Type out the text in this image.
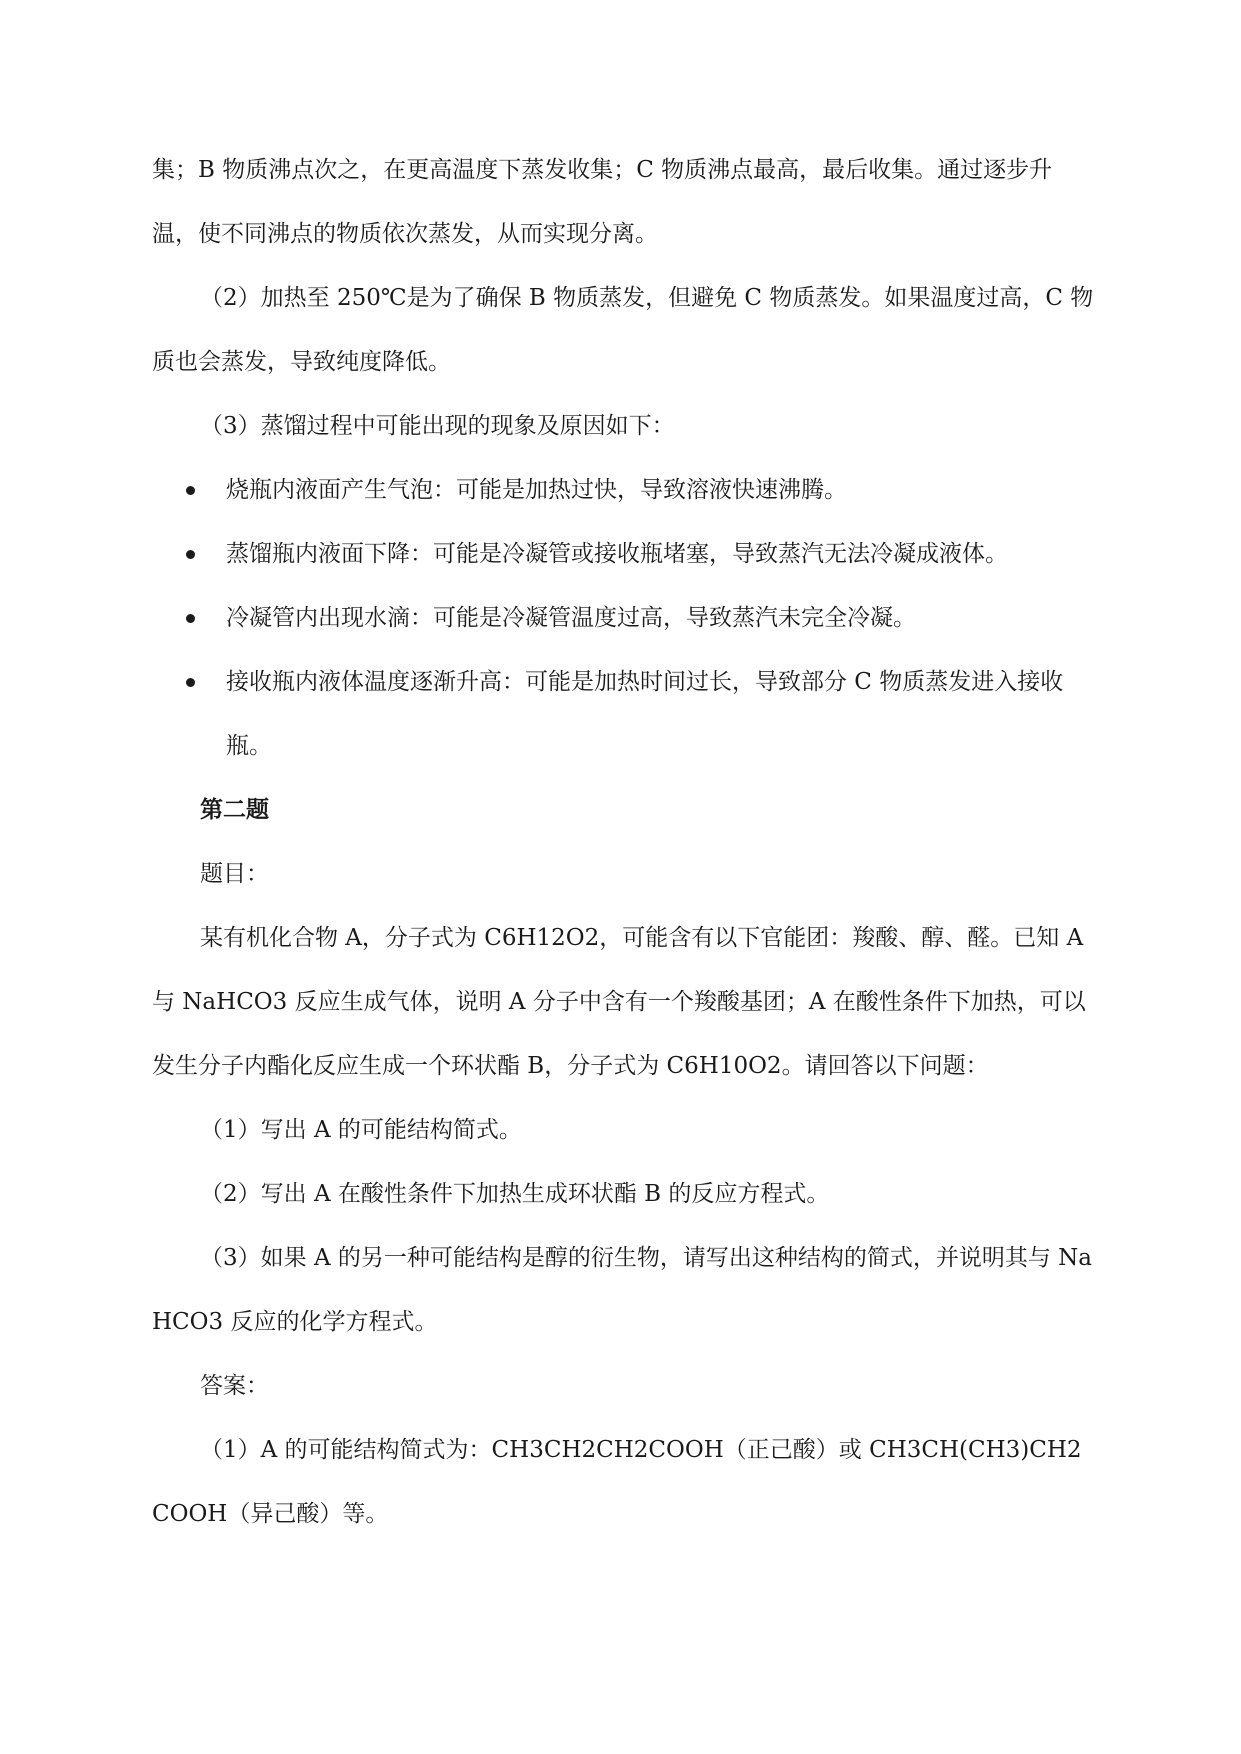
集；B 物质沸点次之，在更高温度下蒸发收集；C 物质沸点最高，最后收集。通过逐步升温，使不同沸点的物质依次蒸发，从而实现分离。

（2）加热至 250℃是为了确保 B 物质蒸发，但避免 C 物质蒸发。如果温度过高，C 物质也会蒸发，导致纯度降低。

（3）蒸馏过程中可能出现的现象及原因如下：

烧瓶内液面产生气泡：可能是加热过快，导致溶液快速沸腾。
蒸馏瓶内液面下降：可能是冷凝管或接收瓶堵塞，导致蒸汽无法冷凝成液体。
冷凝管内出现水滴：可能是冷凝管温度过高，导致蒸汽未完全冷凝。
接收瓶内液体温度逐渐升高：可能是加热时间过长，导致部分 C 物质蒸发进入接收瓶。

第二题

题目：

某有机化合物 A，分子式为 C6H12O2，可能含有以下官能团：羧酸、醇、醛。已知 A 与 NaHCO3 反应生成气体，说明 A 分子中含有一个羧酸基团；A 在酸性条件下加热，可以发生分子内酯化反应生成一个环状酯 B，分子式为 C6H10O2。请回答以下问题：

（1）写出 A 的可能结构简式。

（2）写出 A 在酸性条件下加热生成环状酯 B 的反应方程式。

（3）如果 A 的另一种可能结构是醇的衍生物，请写出这种结构的简式，并说明其与 NaHCO3 反应的化学方程式。

答案：

（1）A 的可能结构简式为：CH3CH2CH2COOH（正己酸）或 CH3CH(CH3)CH2COOH（异己酸）等。
